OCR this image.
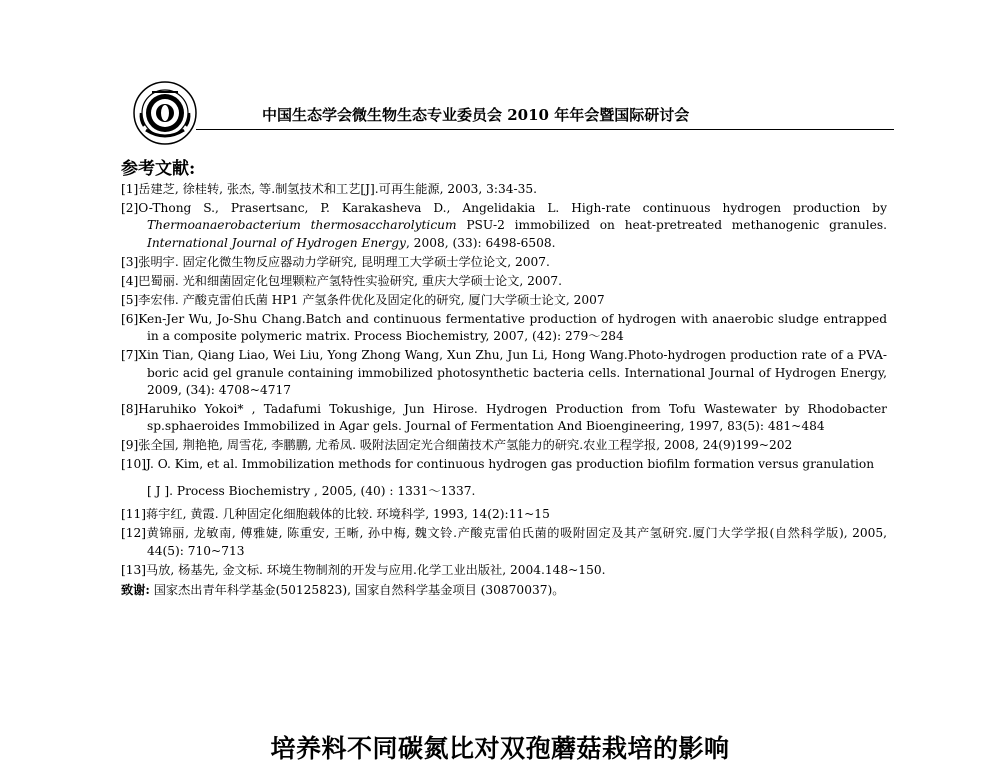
中国生态学会微生物生态专业委员会 2010 年年会暨国际研讨会
参考文献:

[1]岳建芝, 徐桂转, 张杰, 等.制氢技术和工艺[J].可再生能源, 2003, 3:34-35.

[2]O-Thong S., Prasertsanc, P. Karakasheva D., Angelidakia L. High-rate continuous hydrogen production by Thermoanaerobacterium thermosaccharolyticum PSU-2 immobilized on heat-pretreated methanogenic granules. International Journal of Hydrogen Energy, 2008, (33): 6498-6508.

[3]张明宇. 固定化微生物反应器动力学研究, 昆明理工大学硕士学位论文, 2007.

[4]巴蜀丽. 光和细菌固定化包埋颗粒产氢特性实验研究, 重庆大学硕士论文, 2007.

[5]李宏伟. 产酸克雷伯氏菌 HP1 产氢条件优化及固定化的研究, 厦门大学硕士论文, 2007

[6]Ken-Jer Wu, Jo-Shu Chang.Batch and continuous fermentative production of hydrogen with anaerobic sludge entrapped in a composite polymeric matrix. Process Biochemistry, 2007, (42): 279～284

[7]Xin Tian, Qiang Liao, Wei Liu, Yong Zhong Wang, Xun Zhu, Jun Li, Hong Wang.Photo-hydrogen production rate of a PVA-boric acid gel granule containing immobilized photosynthetic bacteria cells. International Journal of Hydrogen Energy, 2009, (34): 4708~4717

[8]Haruhiko Yokoi* , Tadafumi Tokushige, Jun Hirose. Hydrogen Production from Tofu Wastewater by Rhodobacter sp.sphaeroides Immobilized in Agar gels. Journal of Fermentation And Bioengineering, 1997, 83(5): 481~484

[9]张全国, 荆艳艳, 周雪花, 李鹏鹏, 尤希凤. 吸附法固定光合细菌技术产氢能力的研究.农业工程学报, 2008, 24(9)199~202

[10]J. O. Kim, et al. Immobilization methods for continuous hydrogen gas production biofilm formation versus granulation

[ J ]. Process Biochemistry , 2005, (40) : 1331～1337.

[11]蒋宇红, 黄霞. 几种固定化细胞载体的比较. 环境科学, 1993, 14(2):11~15

[12]黄锦丽, 龙敏南, 傅雅婕, 陈重安, 王晰, 孙中梅, 魏文铃.产酸克雷伯氏菌的吸附固定及其产氢研究.厦门大学学报(自然科学版), 2005, 44(5): 710~713

[13]马放, 杨基先, 金文标. 环境生物制剂的开发与应用.化学工业出版社, 2004.148~150.

致谢: 国家杰出青年科学基金(50125823), 国家自然科学基金项目 (30870037)。

培养料不同碳氮比对双孢蘑菇栽培的影响
